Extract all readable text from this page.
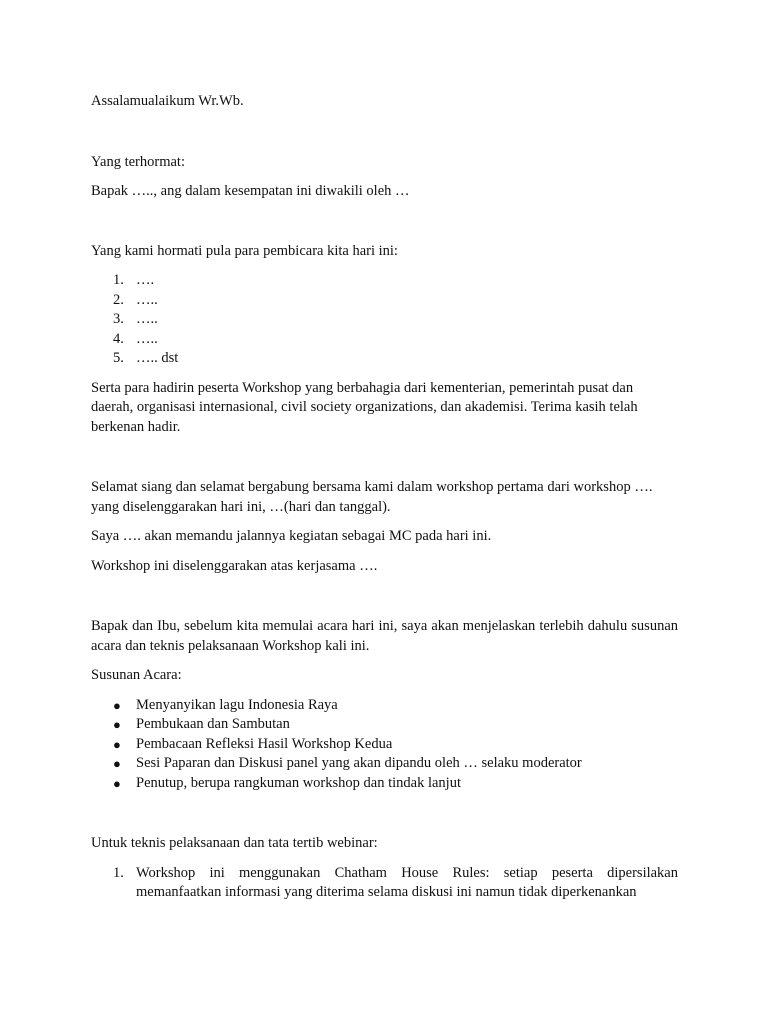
Assalamualaikum Wr.Wb.

Yang terhormat:

Bapak ….., ang dalam kesempatan ini diwakili oleh …

Yang kami hormati pula para pembicara kita hari ini:

1. ….
2. …..
3. …..
4. …..
5. ….. dst

Serta para hadirin peserta Workshop yang berbahagia dari kementerian, pemerintah pusat dan daerah, organisasi internasional, civil society organizations, dan akademisi. Terima kasih telah berkenan hadir.

Selamat siang dan selamat bergabung bersama kami dalam workshop pertama dari workshop …. yang diselenggarakan hari ini, …(hari dan tanggal).

Saya …. akan memandu jalannya kegiatan sebagai MC pada hari ini.

Workshop ini diselenggarakan atas kerjasama ….

Bapak dan Ibu, sebelum kita memulai acara hari ini, saya akan menjelaskan terlebih dahulu susunan acara dan teknis pelaksanaan Workshop kali ini.

Susunan Acara:

● Menyanyikan lagu Indonesia Raya
● Pembukaan dan Sambutan
● Pembacaan Refleksi Hasil Workshop Kedua
● Sesi Paparan dan Diskusi panel yang akan dipandu oleh … selaku moderator
● Penutup, berupa rangkuman workshop dan tindak lanjut

Untuk teknis pelaksanaan dan tata tertib webinar:

1. Workshop ini menggunakan Chatham House Rules: setiap peserta dipersilakan memanfaatkan informasi yang diterima selama diskusi ini namun tidak diperkenankan
